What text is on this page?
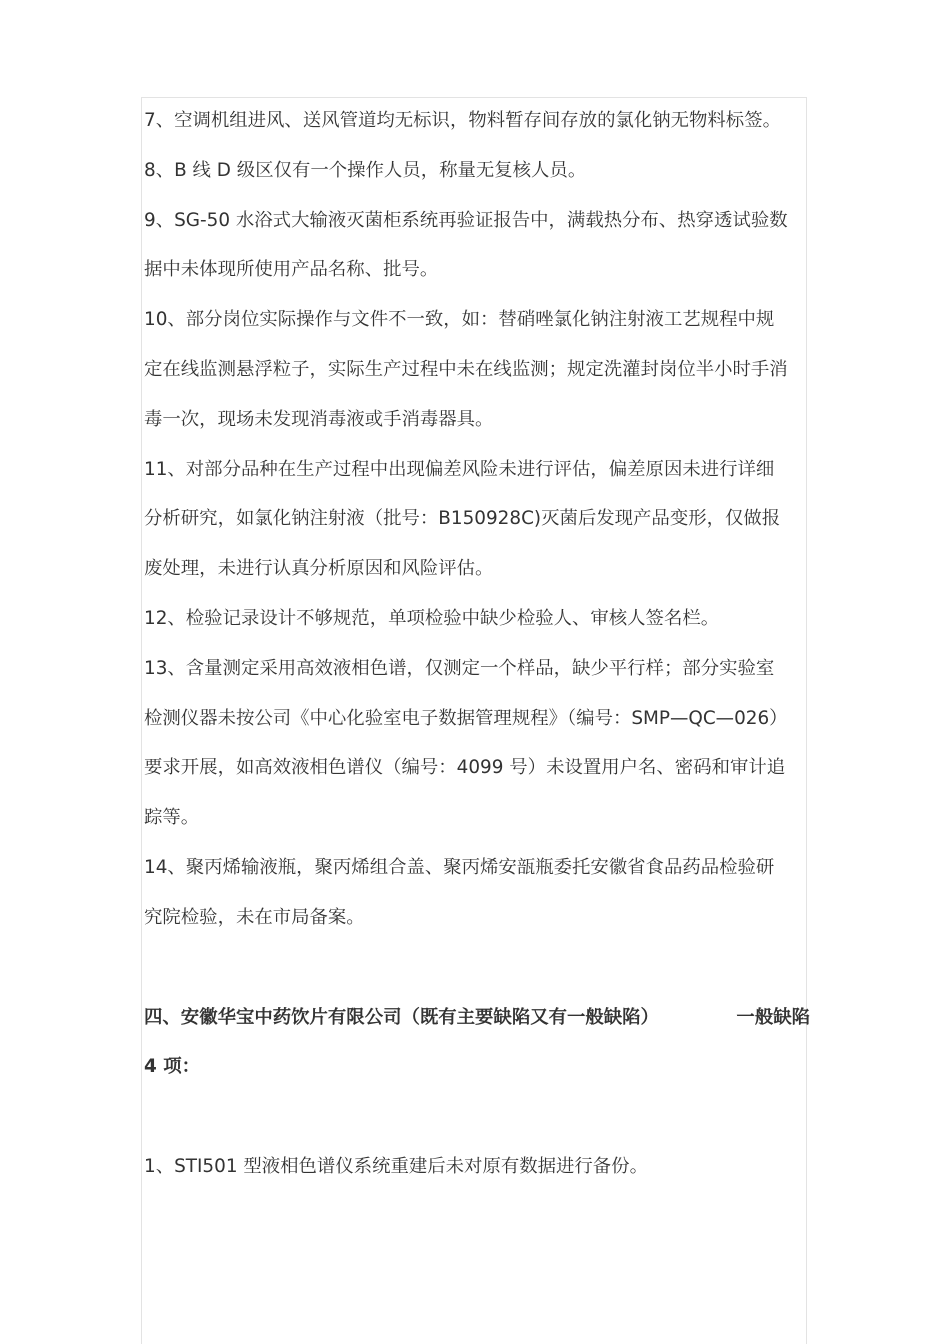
7、空调机组进风、送风管道均无标识，物料暂存间存放的氯化钠无物料标签。

8、B 线 D 级区仅有一个操作人员，称量无复核人员。

9、SG-50 水浴式大输液灭菌柜系统再验证报告中，满载热分布、热穿透试验数
据中未体现所使用产品名称、批号。

10、部分岗位实际操作与文件不一致，如：替硝唑氯化钠注射液工艺规程中规
定在线监测悬浮粒子，实际生产过程中未在线监测；规定洗灌封岗位半小时手消
毒一次，现场未发现消毒液或手消毒器具。

11、对部分品种在生产过程中出现偏差风险未进行评估，偏差原因未进行详细
分析研究，如氯化钠注射液（批号：B150928C)灭菌后发现产品变形，仅做报
废处理，未进行认真分析原因和风险评估。

12、检验记录设计不够规范，单项检验中缺少检验人、审核人签名栏。

13、含量测定采用高效液相色谱，仅测定一个样品，缺少平行样；部分实验室
检测仪器未按公司《中心化验室电子数据管理规程》（编号：SMP—QC—026）
要求开展，如高效液相色谱仪（编号：4099 号）未设置用户名、密码和审计追
踪等。

14、聚丙烯输液瓶，聚丙烯组合盖、聚丙烯安瓿瓶委托安徽省食品药品检验研
究院检验，未在市局备案。

四、安徽华宝中药饮片有限公司（既有主要缺陷又有一般缺陷）	一般缺陷
4 项：

1、STI501 型液相色谱仪系统重建后未对原有数据进行备份。
